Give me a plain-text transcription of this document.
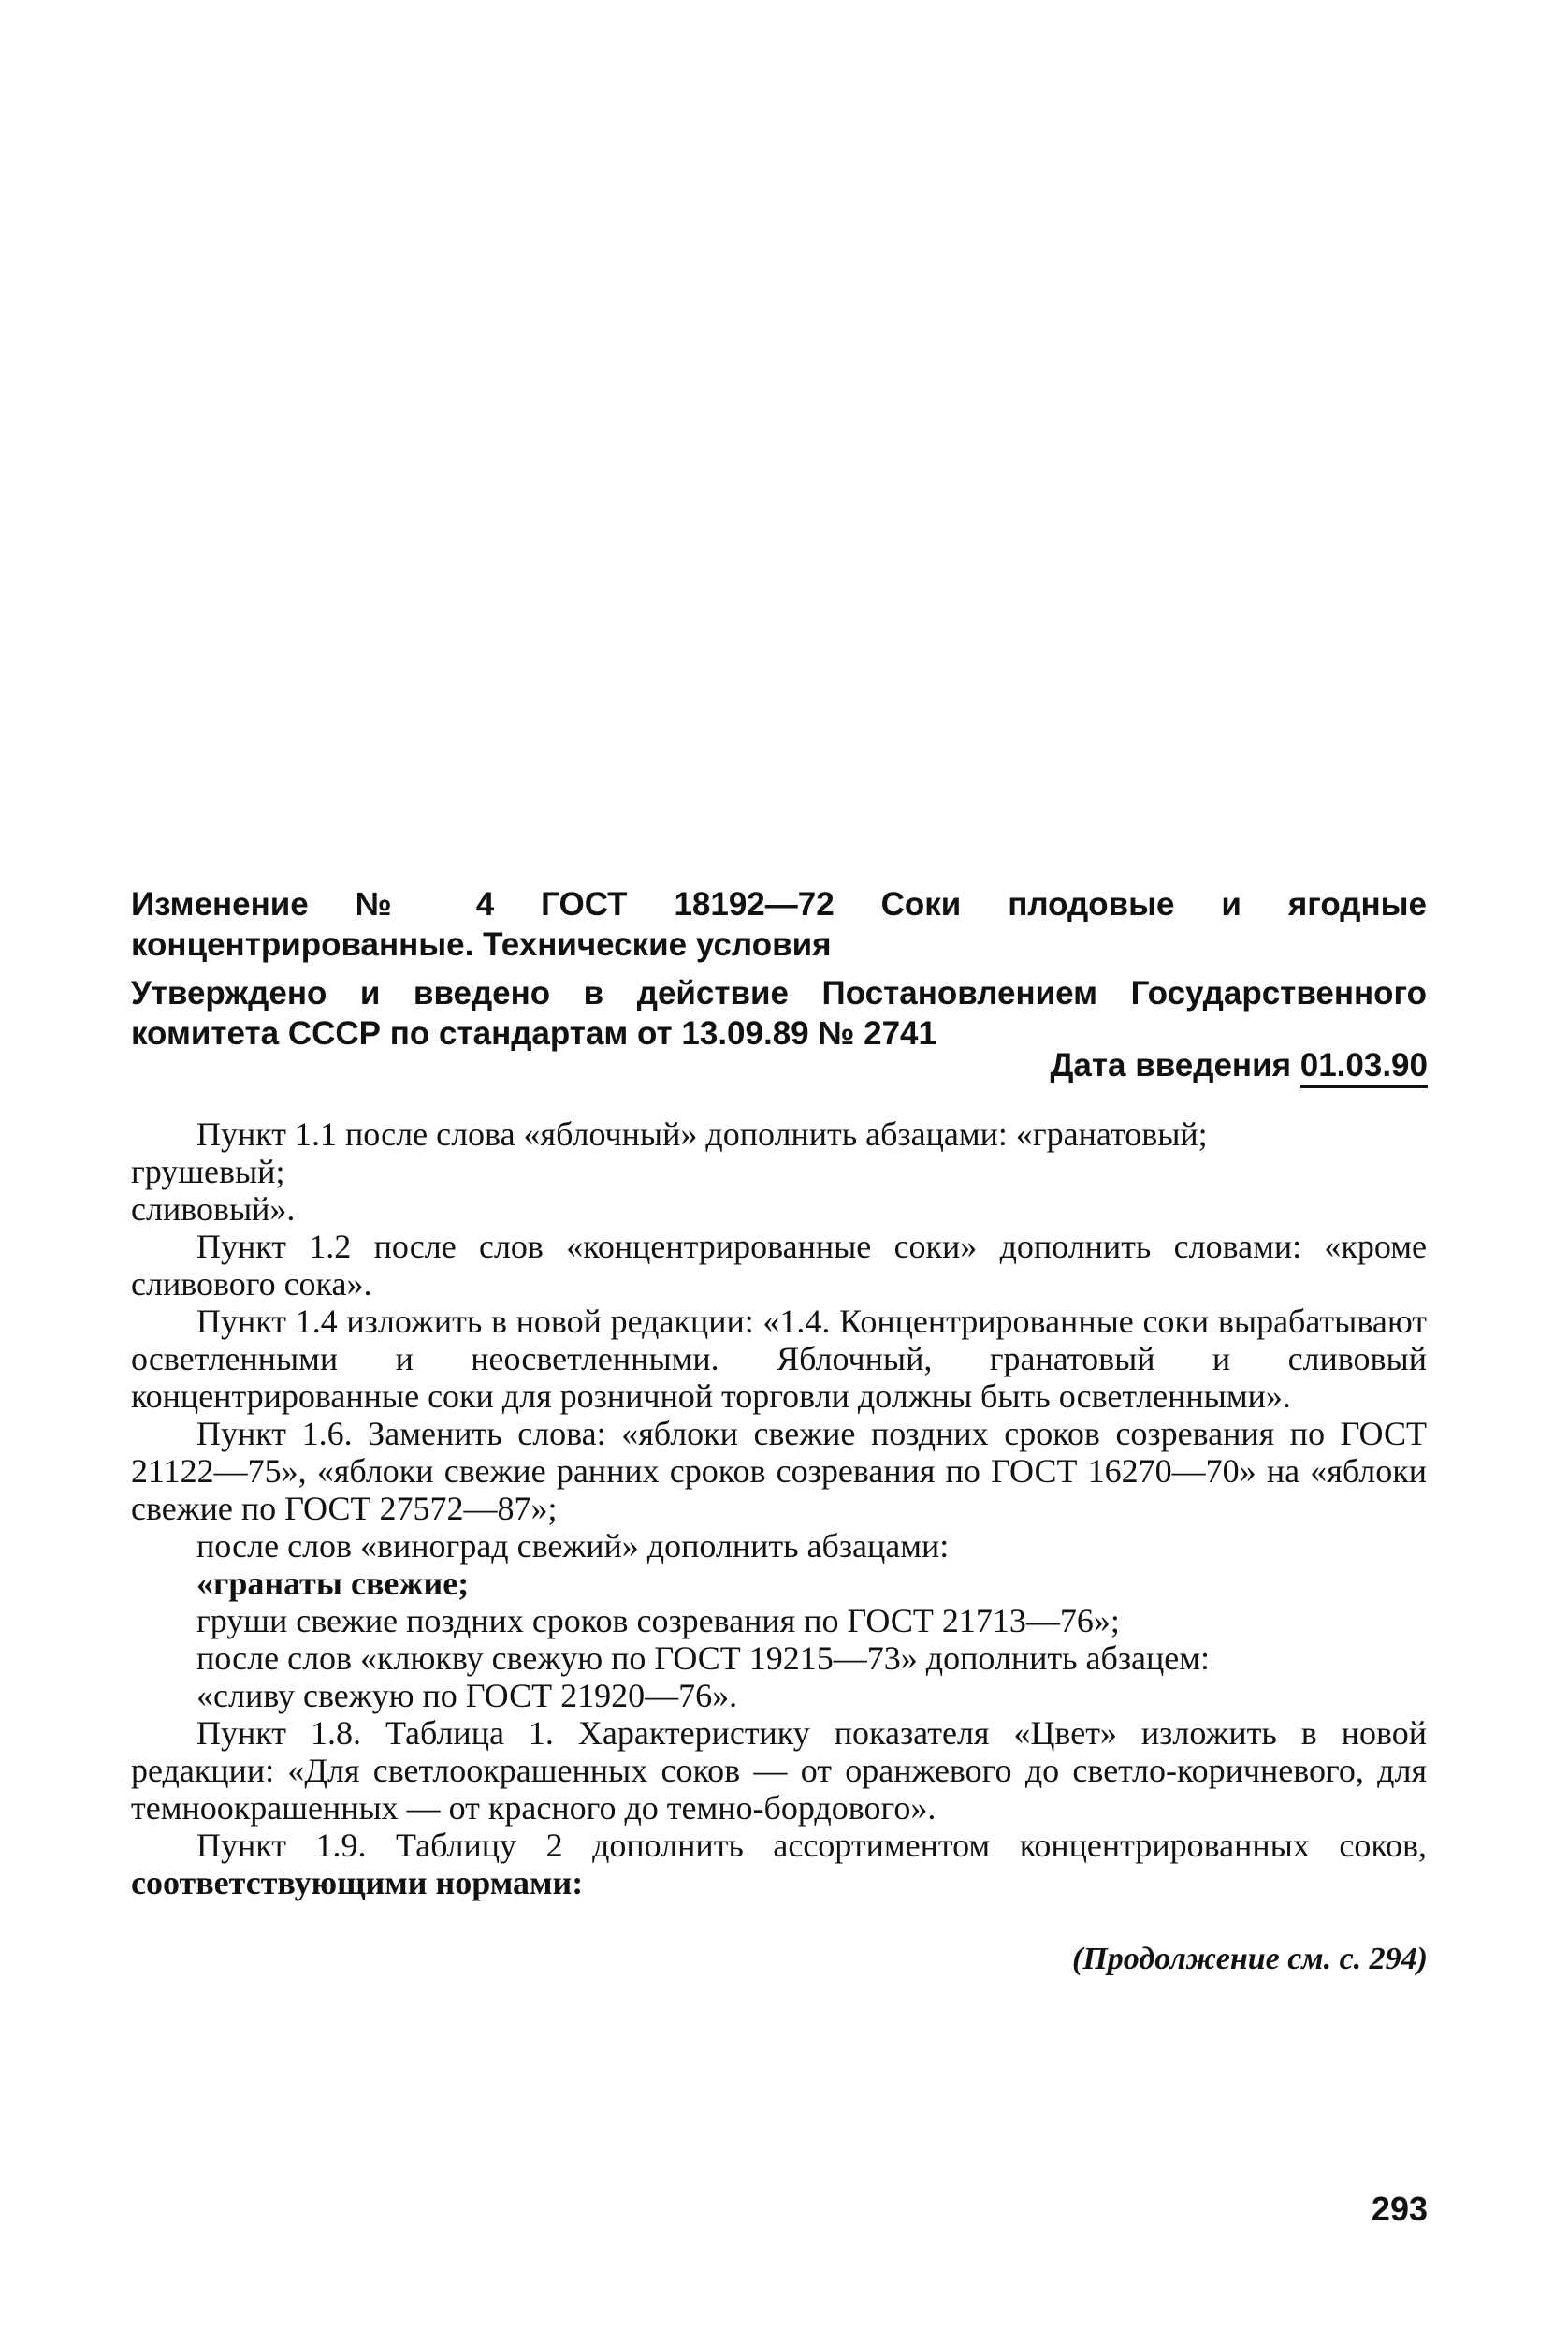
Изменение № 4 ГОСТ 18192—72 Соки плодовые и ягодные концентрированные. Технические условия
Утверждено и введено в действие Постановлением Государственного комитета СССР по стандартам от 13.09.89 № 2741
Дата введения 01.03.90

Пункт 1.1 после слова «яблочный» дополнить абзацами: «гранатовый;

грушевый;

сливовый».

Пункт 1.2 после слов «концентрированные соки» дополнить словами: «кроме сливового сока».

Пункт 1.4 изложить в новой редакции: «1.4. Концентрированные соки вырабатывают осветленными и неосветленными. Яблочный, гранатовый и сливовый концентрированные соки для розничной торговли должны быть осветленными».

Пункт 1.6. Заменить слова: «яблоки свежие поздних сроков созревания по ГОСТ 21122—75», «яблоки свежие ранних сроков созревания по ГОСТ 16270—70» на «яблоки свежие по ГОСТ 27572—87»;

после слов «виноград свежий» дополнить абзацами:

«гранаты свежие;

груши свежие поздних сроков созревания по ГОСТ 21713—76»;

после слов «клюкву свежую по ГОСТ 19215—73» дополнить абзацем:

«сливу свежую по ГОСТ 21920—76».

Пункт 1.8. Таблица 1. Характеристику показателя «Цвет» изложить в новой редакции: «Для светлоокрашенных соков — от оранжевого до светло-коричневого, для темноокрашенных — от красного до темно-бордового».

Пункт 1.9. Таблицу 2 дополнить ассортиментом концентрированных соков, соответствующими нормами:

(Продолжение см. с. 294)
293
